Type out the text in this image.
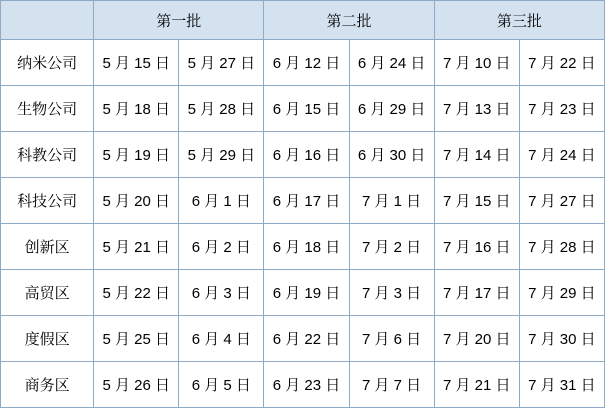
	第一批		第二批		第三批	
纳米公司	5 月 15 日	5 月 27 日	6 月 12 日	6 月 24 日	7 月 10 日	7 月 22 日
生物公司	5 月 18 日	5 月 28 日	6 月 15 日	6 月 29 日	7 月 13 日	7 月 23 日
科教公司	5 月 19 日	5 月 29 日	6 月 16 日	6 月 30 日	7 月 14 日	7 月 24 日
科技公司	5 月 20 日	6 月 1 日	6 月 17 日	7 月 1 日	7 月 15 日	7 月 27 日
创新区	5 月 21 日	6 月 2 日	6 月 18 日	7 月 2 日	7 月 16 日	7 月 28 日
高贸区	5 月 22 日	6 月 3 日	6 月 19 日	7 月 3 日	7 月 17 日	7 月 29 日
度假区	5 月 25 日	6 月 4 日	6 月 22 日	7 月 6 日	7 月 20 日	7 月 30 日
商务区	5 月 26 日	6 月 5 日	6 月 23 日	7 月 7 日	7 月 21 日	7 月 31 日
